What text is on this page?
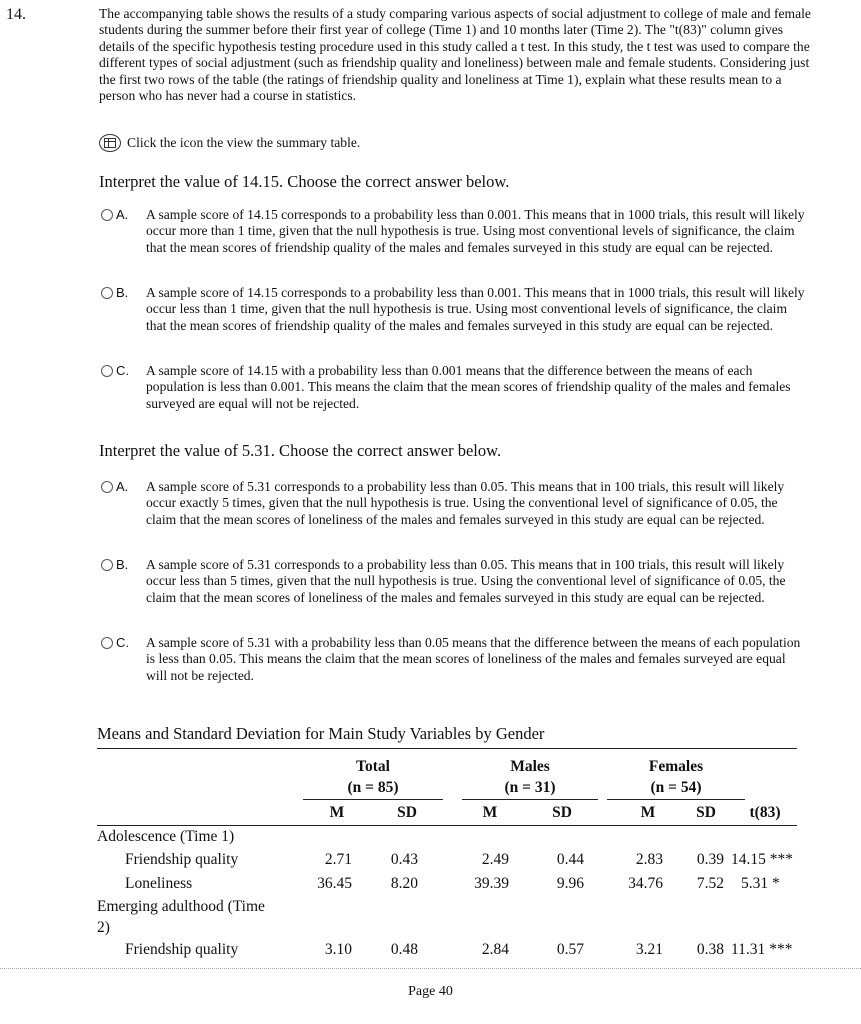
14.	The accompanying table shows the results of a study comparing various aspects of social adjustment to college of male and female students during the summer before their first year of college (Time 1) and 10 months later (Time 2). The "t(83)" column gives details of the specific hypothesis testing procedure used in this study called a t test. In this study, the t test was used to compare the different types of social adjustment (such as friendship quality and loneliness) between male and female students. Considering just the first two rows of the table (the ratings of friendship quality and loneliness at Time 1), explain what these results mean to a person who has never had a course in statistics.
Click the icon the view the summary table.
Interpret the value of 14.15. Choose the correct answer below.
A.	A sample score of 14.15 corresponds to a probability less than 0.001. This means that in 1000 trials, this result will likely occur more than 1 time, given that the null hypothesis is true. Using most conventional levels of significance, the claim that the mean scores of friendship quality of the males and females surveyed in this study are equal can be rejected.
B.	A sample score of 14.15 corresponds to a probability less than 0.001. This means that in 1000 trials, this result will likely occur less than 1 time, given that the null hypothesis is true. Using most conventional levels of significance, the claim that the mean scores of friendship quality of the males and females surveyed in this study are equal can be rejected.
C.	A sample score of 14.15 with a probability less than 0.001 means that the difference between the means of each population is less than 0.001. This means the claim that the mean scores of friendship quality of the males and females surveyed are equal will not be rejected.
Interpret the value of 5.31. Choose the correct answer below.
A.	A sample score of 5.31 corresponds to a probability less than 0.05. This means that in 100 trials, this result will likely occur exactly 5 times, given that the null hypothesis is true. Using the conventional level of significance of 0.05, the claim that the mean scores of loneliness of the males and females surveyed in this study are equal can be rejected.
B.	A sample score of 5.31 corresponds to a probability less than 0.05. This means that in 100 trials, this result will likely occur less than 5 times, given that the null hypothesis is true. Using the conventional level of significance of 0.05, the claim that the mean scores of loneliness of the males and females surveyed in this study are equal can be rejected.
C.	A sample score of 5.31 with a probability less than 0.05 means that the difference between the means of each population is less than 0.05. This means the claim that the mean scores of loneliness of the males and females surveyed are equal will not be rejected.
Means and Standard Deviation for Main Study Variables by Gender
Total
(n = 85)
Males
(n = 31)
Females
(n = 54)
M	SD	M	SD	M	SD	t(83)
Adolescence (Time 1)
Friendship quality	2.71	0.43	2.49	0.44	2.83	0.39 14.15 ***
Loneliness	36.45	8.20	39.39	9.96	34.76	7.52 5.31 *
Emerging adulthood (Time
2)
Friendship quality	3.10	0.48	2.84	0.57	3.21	0.38 11.31 ***
Page 40
